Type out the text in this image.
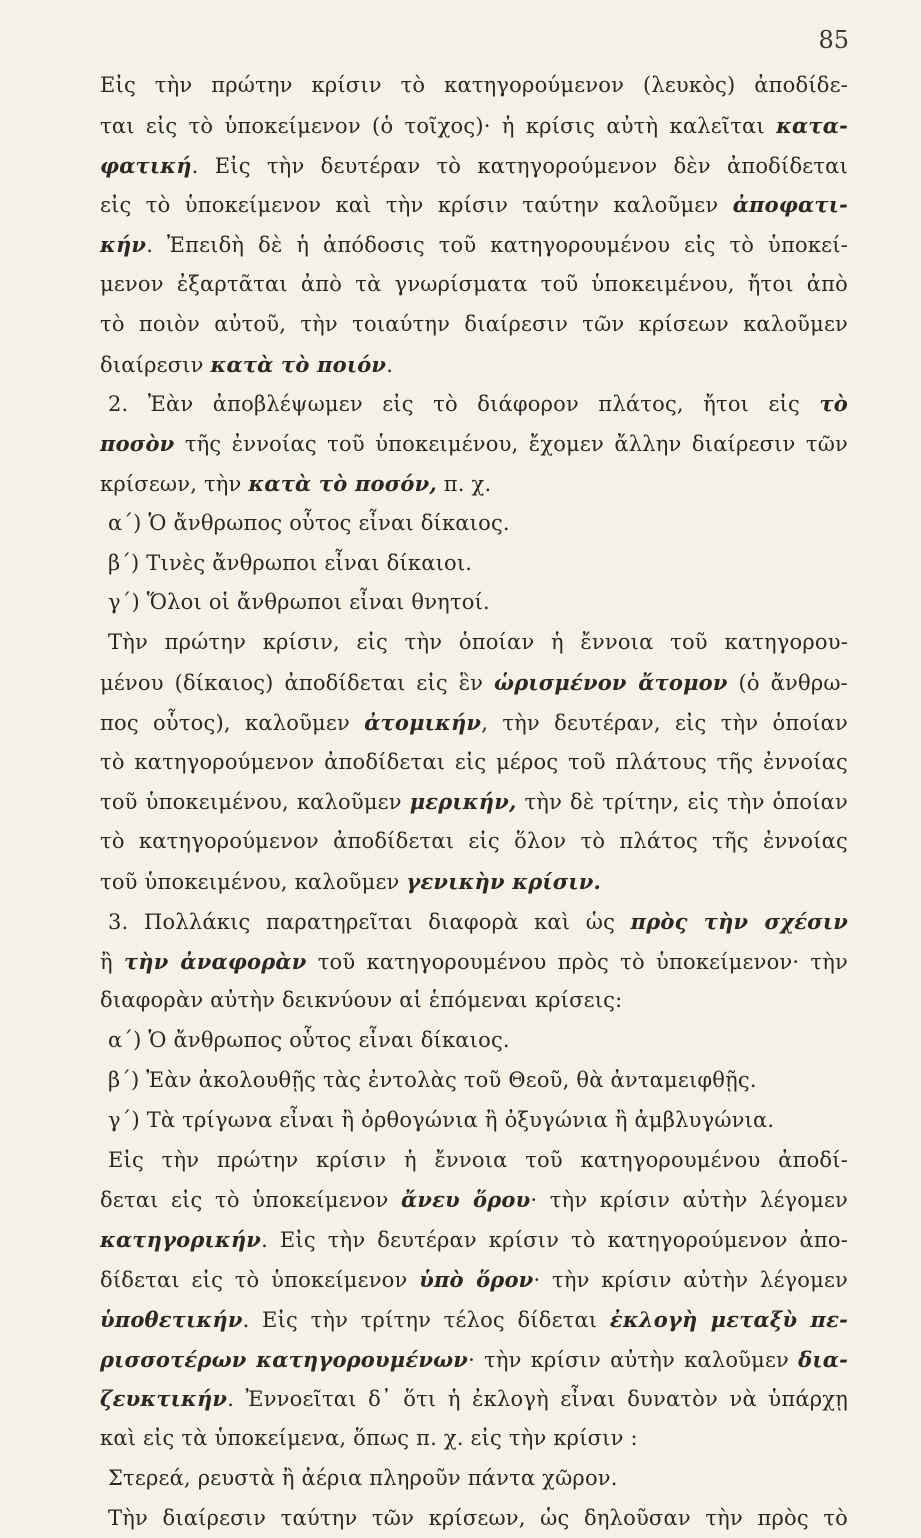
85
Εἰς τὴν πρώτην κρίσιν τὸ κατηγορούμενον (λευκὸς) ἀποδίδε-
ται εἰς τὸ ὑποκείμενον (ὁ τοῖχος)· ἡ κρίσις αὐτὴ καλεῖται κατα-
φατική. Εἰς τὴν δευτέραν τὸ κατηγορούμενον δὲν ἀποδίδεται
εἰς τὸ ὑποκείμενον καὶ τὴν κρίσιν ταύτην καλοῦμεν ἀποφατι-
κήν. Ἐπειδὴ δὲ ἡ ἀπόδοσις τοῦ κατηγορουμένου εἰς τὸ ὑποκεί-
μενον ἐξαρτᾶται ἀπὸ τὰ γνωρίσματα τοῦ ὑποκειμένου, ἤτοι ἀπὸ
τὸ ποιὸν αὐτοῦ, τὴν τοιαύτην διαίρεσιν τῶν κρίσεων καλοῦμεν
διαίρεσιν κατὰ τὸ ποιόν.
2. Ἐὰν ἀποβλέψωμεν εἰς τὸ διάφορον πλάτος, ἤτοι εἰς τὸ
ποσὸν τῆς ἐννοίας τοῦ ὑποκειμένου, ἔχομεν ἄλλην διαίρεσιν τῶν
κρίσεων, τὴν κατὰ τὸ ποσόν, π. χ.
α΄) Ὁ ἄνθρωπος οὗτος εἶναι δίκαιος.
β΄) Τινὲς ἄνθρωποι εἶναι δίκαιοι.
γ΄) Ὅλοι οἱ ἄνθρωποι εἶναι θνητοί.
Τὴν πρώτην κρίσιν, εἰς τὴν ὁποίαν ἡ ἔννοια τοῦ κατηγορου-
μένου (δίκαιος) ἀποδίδεται εἰς ἓν ὡρισμένον ἄτομον (ὁ ἄνθρω-
πος οὗτος), καλοῦμεν ἀτομικήν, τὴν δευτέραν, εἰς τὴν ὁποίαν
τὸ κατηγορούμενον ἀποδίδεται εἰς μέρος τοῦ πλάτους τῆς ἐννοίας
τοῦ ὑποκειμένου, καλοῦμεν μερικήν, τὴν δὲ τρίτην, εἰς τὴν ὁποίαν
τὸ κατηγορούμενον ἀποδίδεται εἰς ὅλον τὸ πλάτος τῆς ἐννοίας
τοῦ ὑποκειμένου, καλοῦμεν γενικὴν κρίσιν.
3. Πολλάκις παρατηρεῖται διαφορὰ καὶ ὡς πρὸς τὴν σχέσιν
ἢ τὴν ἀναφορὰν τοῦ κατηγορουμένου πρὸς τὸ ὑποκείμενον· τὴν
διαφορὰν αὐτὴν δεικνύουν αἱ ἑπόμεναι κρίσεις:
α΄) Ὁ ἄνθρωπος οὗτος εἶναι δίκαιος.
β΄) Ἐὰν ἀκολουθῇς τὰς ἐντολὰς τοῦ Θεοῦ, θὰ ἀνταμειφθῇς.
γ΄) Τὰ τρίγωνα εἶναι ἢ ὀρθογώνια ἢ ὀξυγώνια ἢ ἀμβλυγώνια.
Εἰς τὴν πρώτην κρίσιν ἡ ἔννοια τοῦ κατηγορουμένου ἀποδί-
δεται εἰς τὸ ὑποκείμενον ἄνευ ὅρου· τὴν κρίσιν αὐτὴν λέγομεν
κατηγορικήν. Εἰς τὴν δευτέραν κρίσιν τὸ κατηγορούμενον ἀπο-
δίδεται εἰς τὸ ὑποκείμενον ὑπὸ ὅρον· τὴν κρίσιν αὐτὴν λέγομεν
ὑποθετικήν. Εἰς τὴν τρίτην τέλος δίδεται ἐκλογὴ μεταξὺ πε-
ρισσοτέρων κατηγορουμένων· τὴν κρίσιν αὐτὴν καλοῦμεν δια-
ζευκτικήν. Ἐννοεῖται δ᾽ ὅτι ἡ ἐκλογὴ εἶναι δυνατὸν νὰ ὑπάρχῃ
καὶ εἰς τὰ ὑποκείμενα, ὅπως π. χ. εἰς τὴν κρίσιν :
Στερεά, ρευστὰ ἢ ἀέρια πληροῦν πάντα χῶρον.
Τὴν διαίρεσιν ταύτην τῶν κρίσεων, ὡς δηλοῦσαν τὴν πρὸς τὸ
